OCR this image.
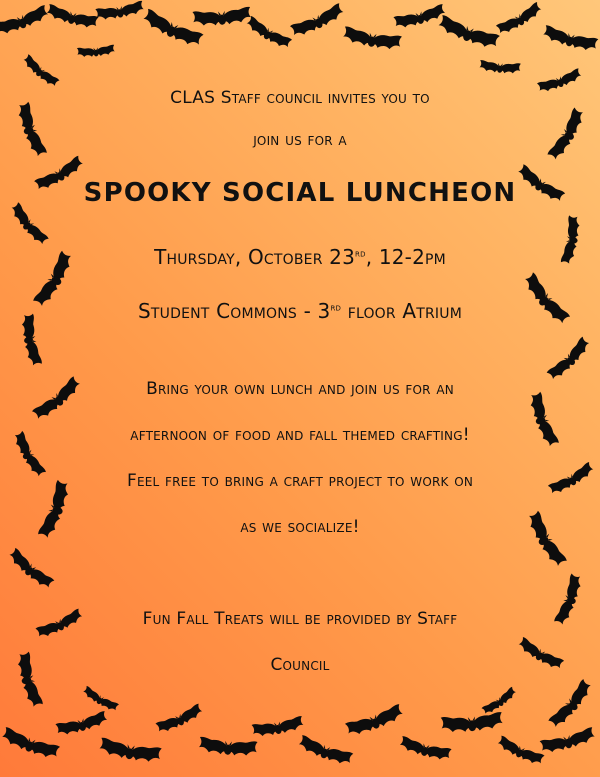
CLAS Staff council invites you to
join us for a
SPOOKY SOCIAL LUNCHEON
Thursday, October 23rd, 12-2pm
Student Commons - 3rd floor Atrium
Bring your own lunch and join us for an
afternoon of food and fall themed crafting!
Feel free to bring a craft project to work on
as we socialize!
Fun Fall Treats will be provided by Staff
Council
